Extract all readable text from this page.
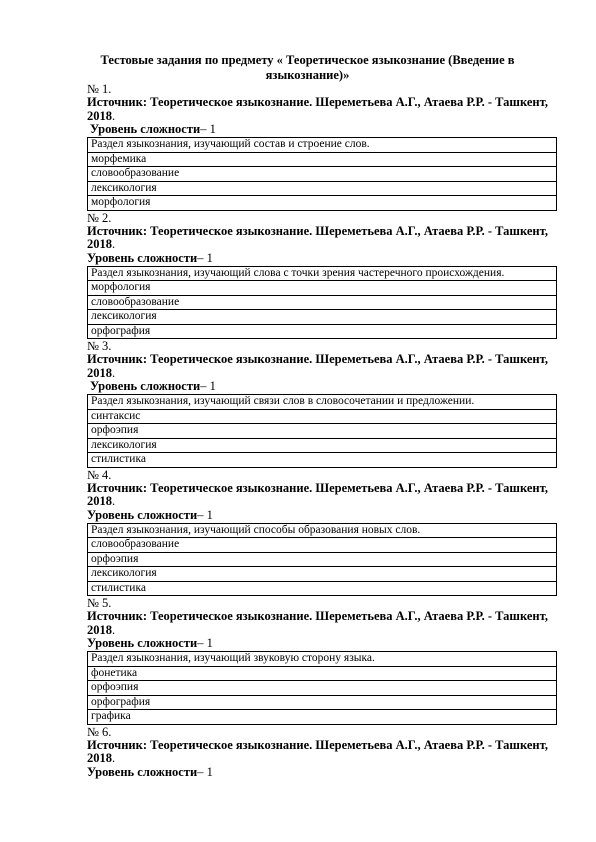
Тестовые задания по предмету « Теоретическое языкознание (Введение в языкознание)»
№ 1.
Источник: Теоретическое языкознание. Шереметьева А.Г., Атаева Р.Р. - Ташкент, 2018.
Уровень сложности– 1
Раздел языкознания, изучающий состав и строение слов.
морфемика
словообразование
лексикология
морфология
№ 2.
Источник: Теоретическое языкознание. Шереметьева А.Г., Атаева Р.Р. - Ташкент, 2018.
Уровень сложности– 1
Раздел языкознания, изучающий слова с точки зрения частеречного происхождения.
морфология
словообразование
лексикология
орфография
№ 3.
Источник: Теоретическое языкознание. Шереметьева А.Г., Атаева Р.Р. - Ташкент, 2018.
Уровень сложности– 1
Раздел языкознания, изучающий связи слов в словосочетании и предложении.
синтаксис
орфоэпия
лексикология
стилистика
№ 4.
Источник: Теоретическое языкознание. Шереметьева А.Г., Атаева Р.Р. - Ташкент, 2018.
Уровень сложности– 1
Раздел языкознания, изучающий способы образования новых слов.
словообразование
орфоэпия
лексикология
стилистика
№ 5.
Источник: Теоретическое языкознание. Шереметьева А.Г., Атаева Р.Р. - Ташкент, 2018.
Уровень сложности– 1
Раздел языкознания, изучающий звуковую сторону языка.
фонетика
орфоэпия
орфография
графика
№ 6.
Источник: Теоретическое языкознание. Шереметьева А.Г., Атаева Р.Р. - Ташкент, 2018.
Уровень сложности– 1
